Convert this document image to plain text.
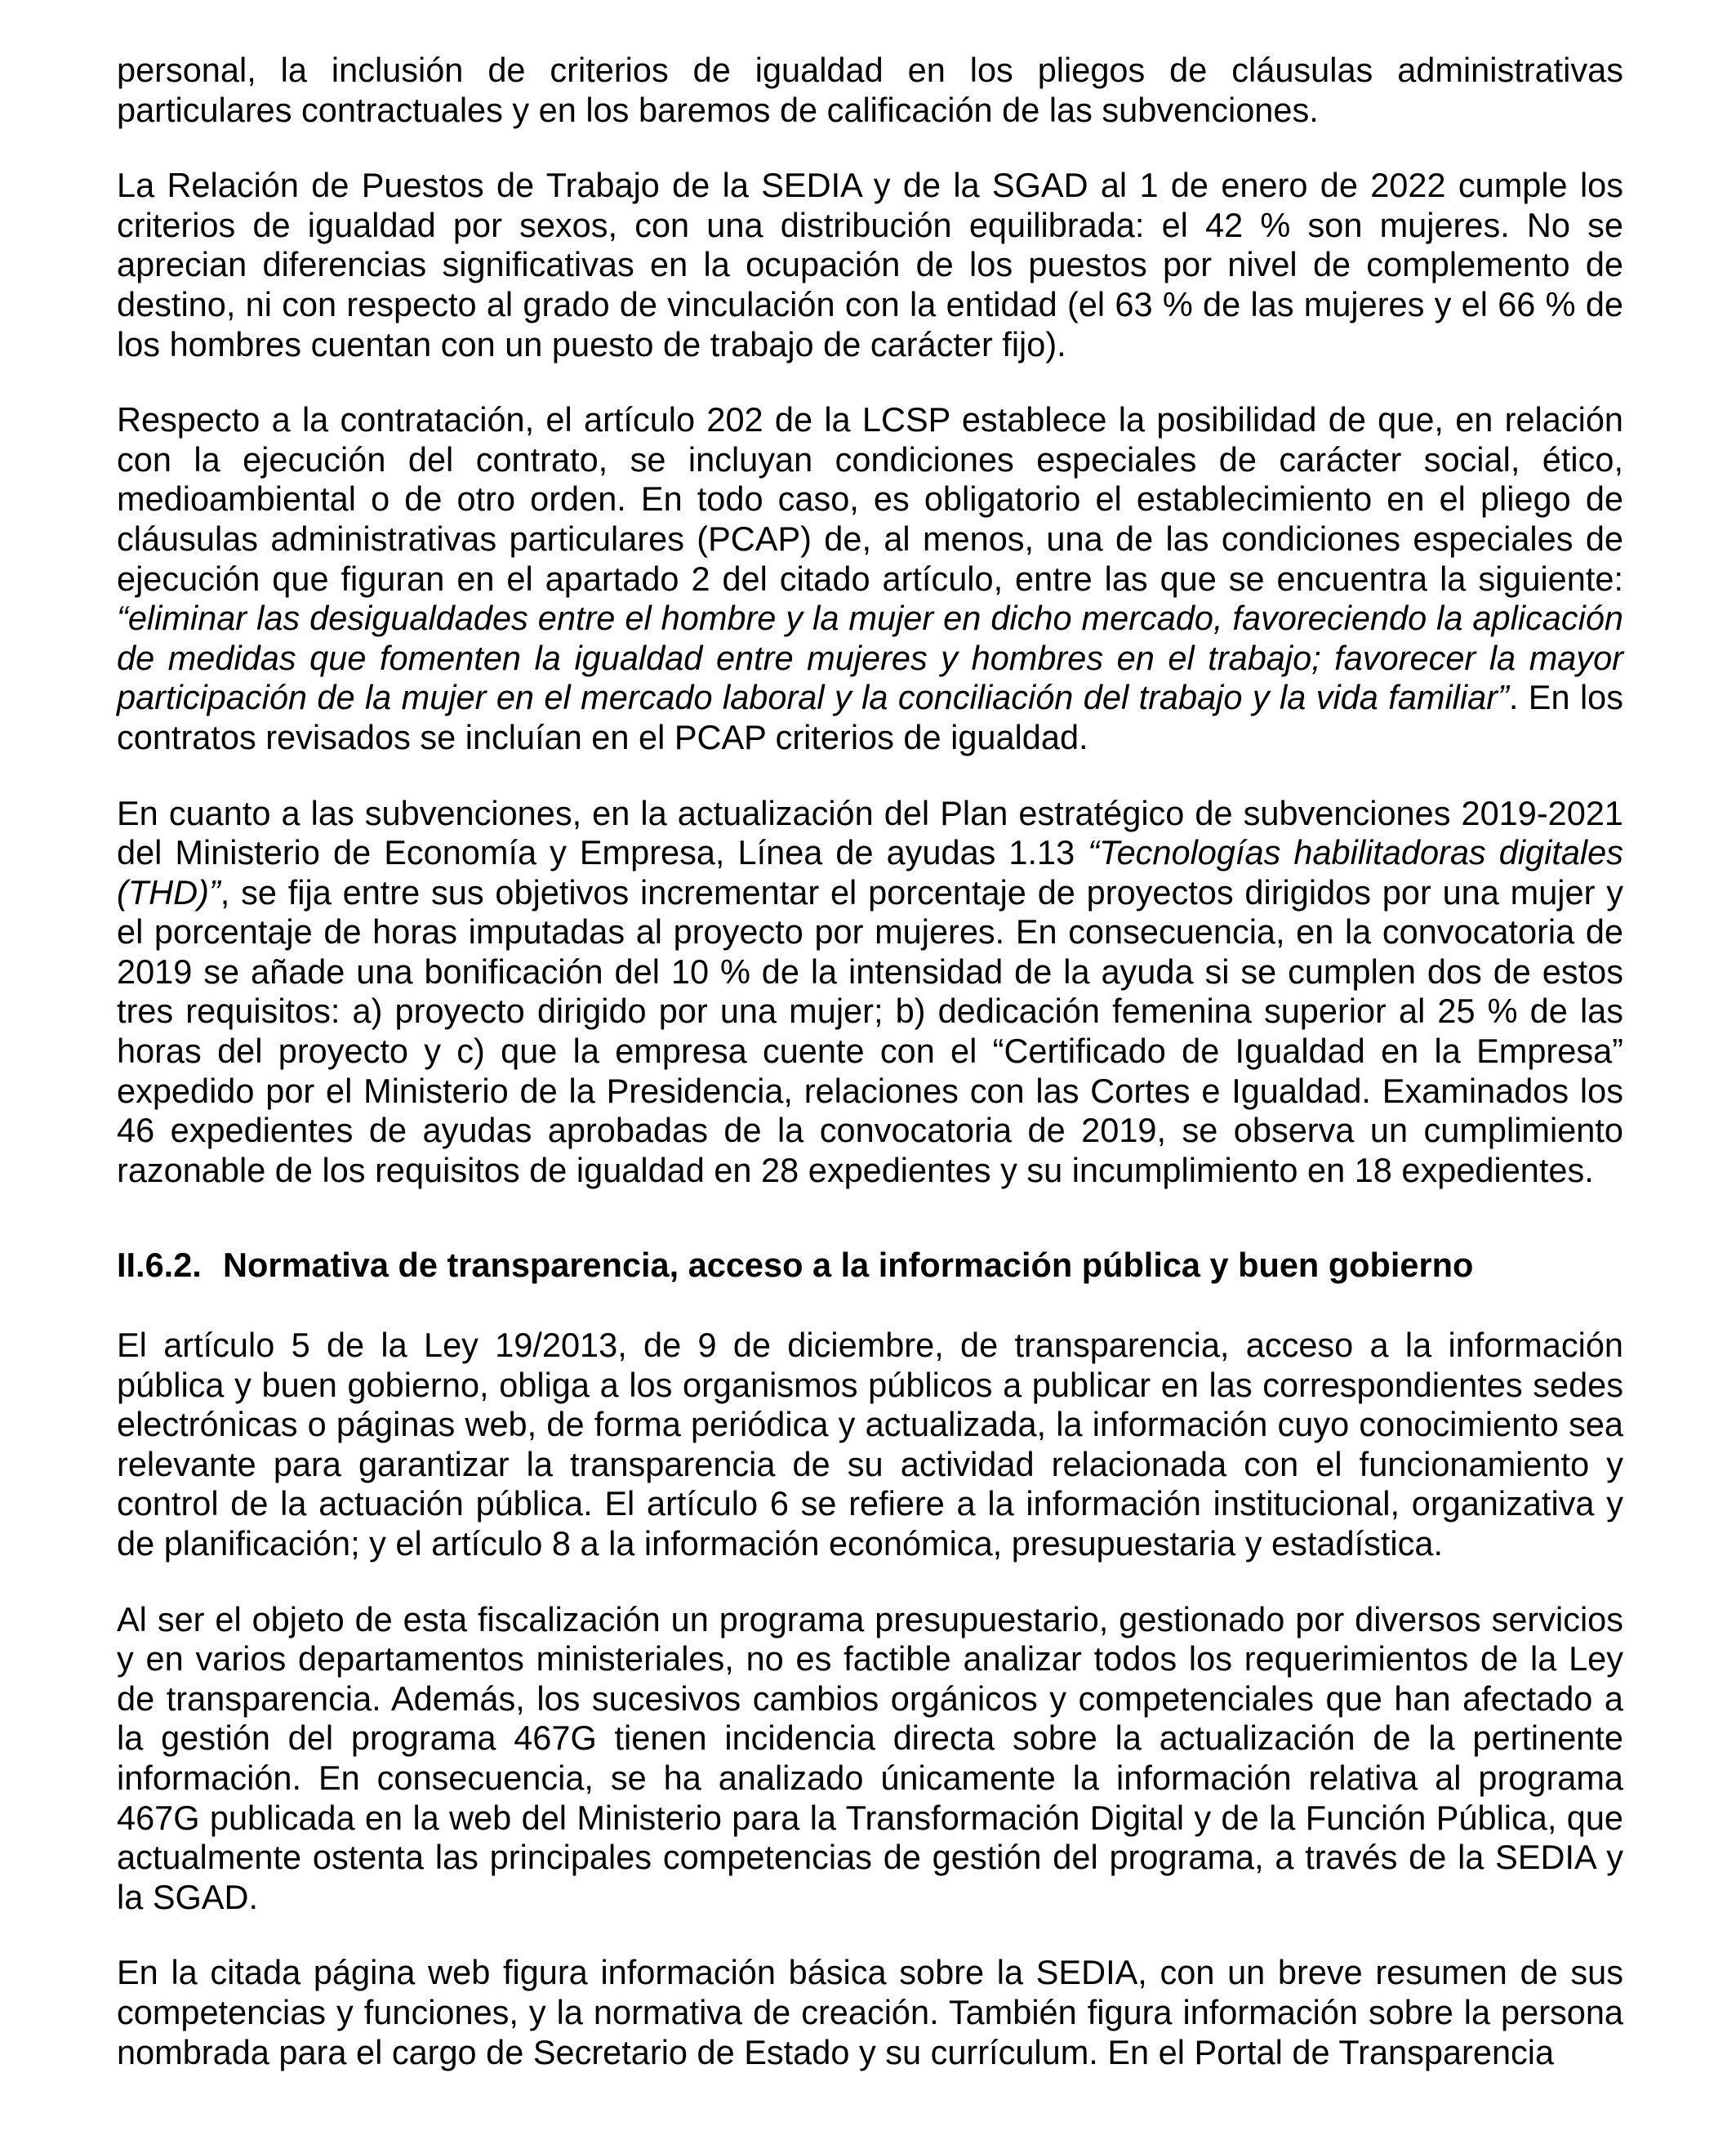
personal, la inclusión de criterios de igualdad en los pliegos de cláusulas administrativas particulares contractuales y en los baremos de calificación de las subvenciones.

La Relación de Puestos de Trabajo de la SEDIA y de la SGAD al 1 de enero de 2022 cumple los criterios de igualdad por sexos, con una distribución equilibrada: el 42 % son mujeres. No se aprecian diferencias significativas en la ocupación de los puestos por nivel de complemento de destino, ni con respecto al grado de vinculación con la entidad (el 63 % de las mujeres y el 66 % de los hombres cuentan con un puesto de trabajo de carácter fijo).

Respecto a la contratación, el artículo 202 de la LCSP establece la posibilidad de que, en relación con la ejecución del contrato, se incluyan condiciones especiales de carácter social, ético, medioambiental o de otro orden. En todo caso, es obligatorio el establecimiento en el pliego de cláusulas administrativas particulares (PCAP) de, al menos, una de las condiciones especiales de ejecución que figuran en el apartado 2 del citado artículo, entre las que se encuentra la siguiente: “eliminar las desigualdades entre el hombre y la mujer en dicho mercado, favoreciendo la aplicación de medidas que fomenten la igualdad entre mujeres y hombres en el trabajo; favorecer la mayor participación de la mujer en el mercado laboral y la conciliación del trabajo y la vida familiar”. En los contratos revisados se incluían en el PCAP criterios de igualdad.

En cuanto a las subvenciones, en la actualización del Plan estratégico de subvenciones 2019-2021 del Ministerio de Economía y Empresa, Línea de ayudas 1.13 “Tecnologías habilitadoras digitales (THD)”, se fija entre sus objetivos incrementar el porcentaje de proyectos dirigidos por una mujer y el porcentaje de horas imputadas al proyecto por mujeres. En consecuencia, en la convocatoria de 2019 se añade una bonificación del 10 % de la intensidad de la ayuda si se cumplen dos de estos tres requisitos: a) proyecto dirigido por una mujer; b) dedicación femenina superior al 25 % de las horas del proyecto y c) que la empresa cuente con el “Certificado de Igualdad en la Empresa” expedido por el Ministerio de la Presidencia, relaciones con las Cortes e Igualdad. Examinados los 46 expedientes de ayudas aprobadas de la convocatoria de 2019, se observa un cumplimiento razonable de los requisitos de igualdad en 28 expedientes y su incumplimiento en 18 expedientes.

II.6.2. Normativa de transparencia, acceso a la información pública y buen gobierno

El artículo 5 de la Ley 19/2013, de 9 de diciembre, de transparencia, acceso a la información pública y buen gobierno, obliga a los organismos públicos a publicar en las correspondientes sedes electrónicas o páginas web, de forma periódica y actualizada, la información cuyo conocimiento sea relevante para garantizar la transparencia de su actividad relacionada con el funcionamiento y control de la actuación pública. El artículo 6 se refiere a la información institucional, organizativa y de planificación; y el artículo 8 a la información económica, presupuestaria y estadística.

Al ser el objeto de esta fiscalización un programa presupuestario, gestionado por diversos servicios y en varios departamentos ministeriales, no es factible analizar todos los requerimientos de la Ley de transparencia. Además, los sucesivos cambios orgánicos y competenciales que han afectado a la gestión del programa 467G tienen incidencia directa sobre la actualización de la pertinente información. En consecuencia, se ha analizado únicamente la información relativa al programa 467G publicada en la web del Ministerio para la Transformación Digital y de la Función Pública, que actualmente ostenta las principales competencias de gestión del programa, a través de la SEDIA y la SGAD.

En la citada página web figura información básica sobre la SEDIA, con un breve resumen de sus competencias y funciones, y la normativa de creación. También figura información sobre la persona nombrada para el cargo de Secretario de Estado y su currículum. En el Portal de Transparencia
